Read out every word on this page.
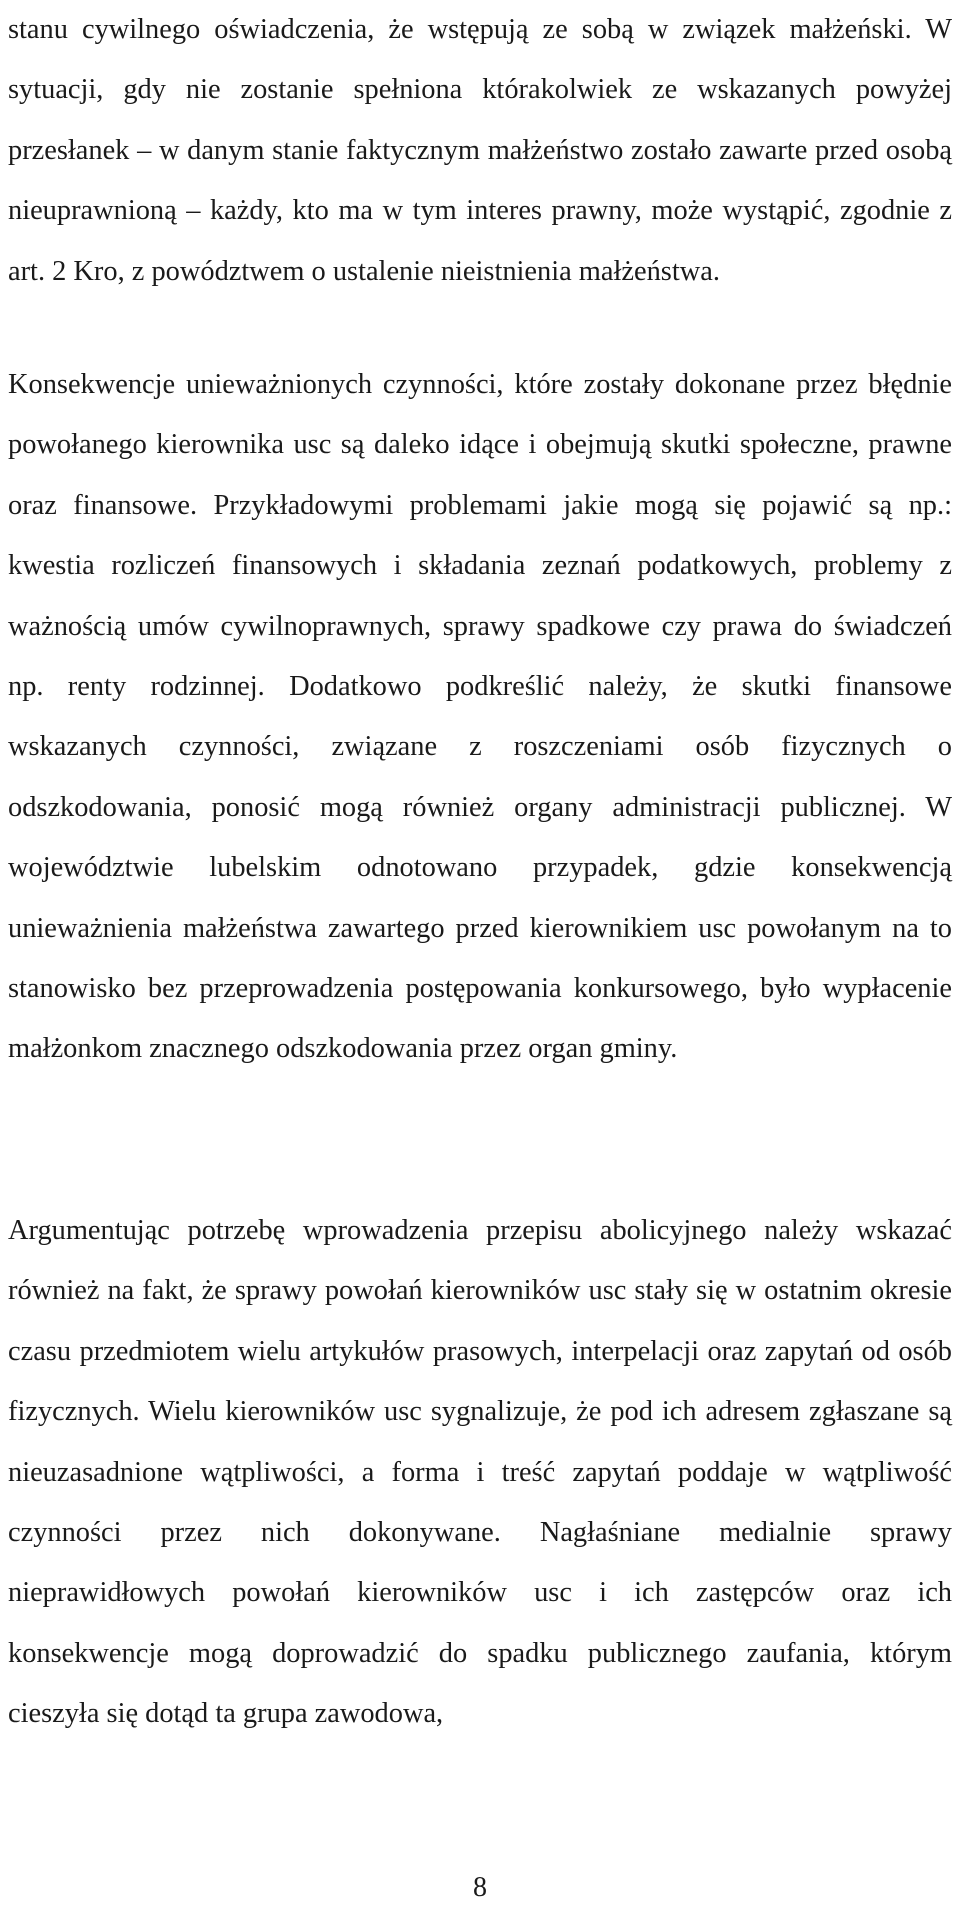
stanu cywilnego oświadczenia, że wstępują ze sobą w związek małżeński. W sytuacji, gdy nie zostanie spełniona którakolwiek ze wskazanych powyżej przesłanek – w danym stanie faktycznym małżeństwo zostało zawarte przed osobą nieuprawnioną – każdy, kto ma w tym interes prawny, może wystąpić, zgodnie z art. 2 Kro, z powództwem o ustalenie nieistnienia małżeństwa.

Konsekwencje unieważnionych czynności, które zostały dokonane przez błędnie powołanego kierownika usc są daleko idące i obejmują skutki społeczne, prawne oraz finansowe. Przykładowymi problemami jakie mogą się pojawić są np.: kwestia rozliczeń finansowych i składania zeznań podatkowych, problemy z ważnością umów cywilnoprawnych, sprawy spadkowe czy prawa do świadczeń np. renty rodzinnej. Dodatkowo podkreślić należy, że skutki finansowe wskazanych czynności, związane z roszczeniami osób fizycznych o odszkodowania, ponosić mogą również organy administracji publicznej. W województwie lubelskim odnotowano przypadek, gdzie konsekwencją unieważnienia małżeństwa zawartego przed kierownikiem usc powołanym na to stanowisko bez przeprowadzenia postępowania konkursowego, było wypłacenie małżonkom znacznego odszkodowania przez organ gminy.

Argumentując potrzebę wprowadzenia przepisu abolicyjnego należy wskazać również na fakt, że sprawy powołań kierowników usc stały się w ostatnim okresie czasu przedmiotem wielu artykułów prasowych, interpelacji oraz zapytań od osób fizycznych. Wielu kierowników usc sygnalizuje, że pod ich adresem zgłaszane są nieuzasadnione wątpliwości, a forma i treść zapytań poddaje w wątpliwość czynności przez nich dokonywane. Nagłaśniane medialnie sprawy nieprawidłowych powołań kierowników usc i ich zastępców oraz ich konsekwencje mogą doprowadzić do spadku publicznego zaufania, którym cieszyła się dotąd ta grupa zawodowa,

8
